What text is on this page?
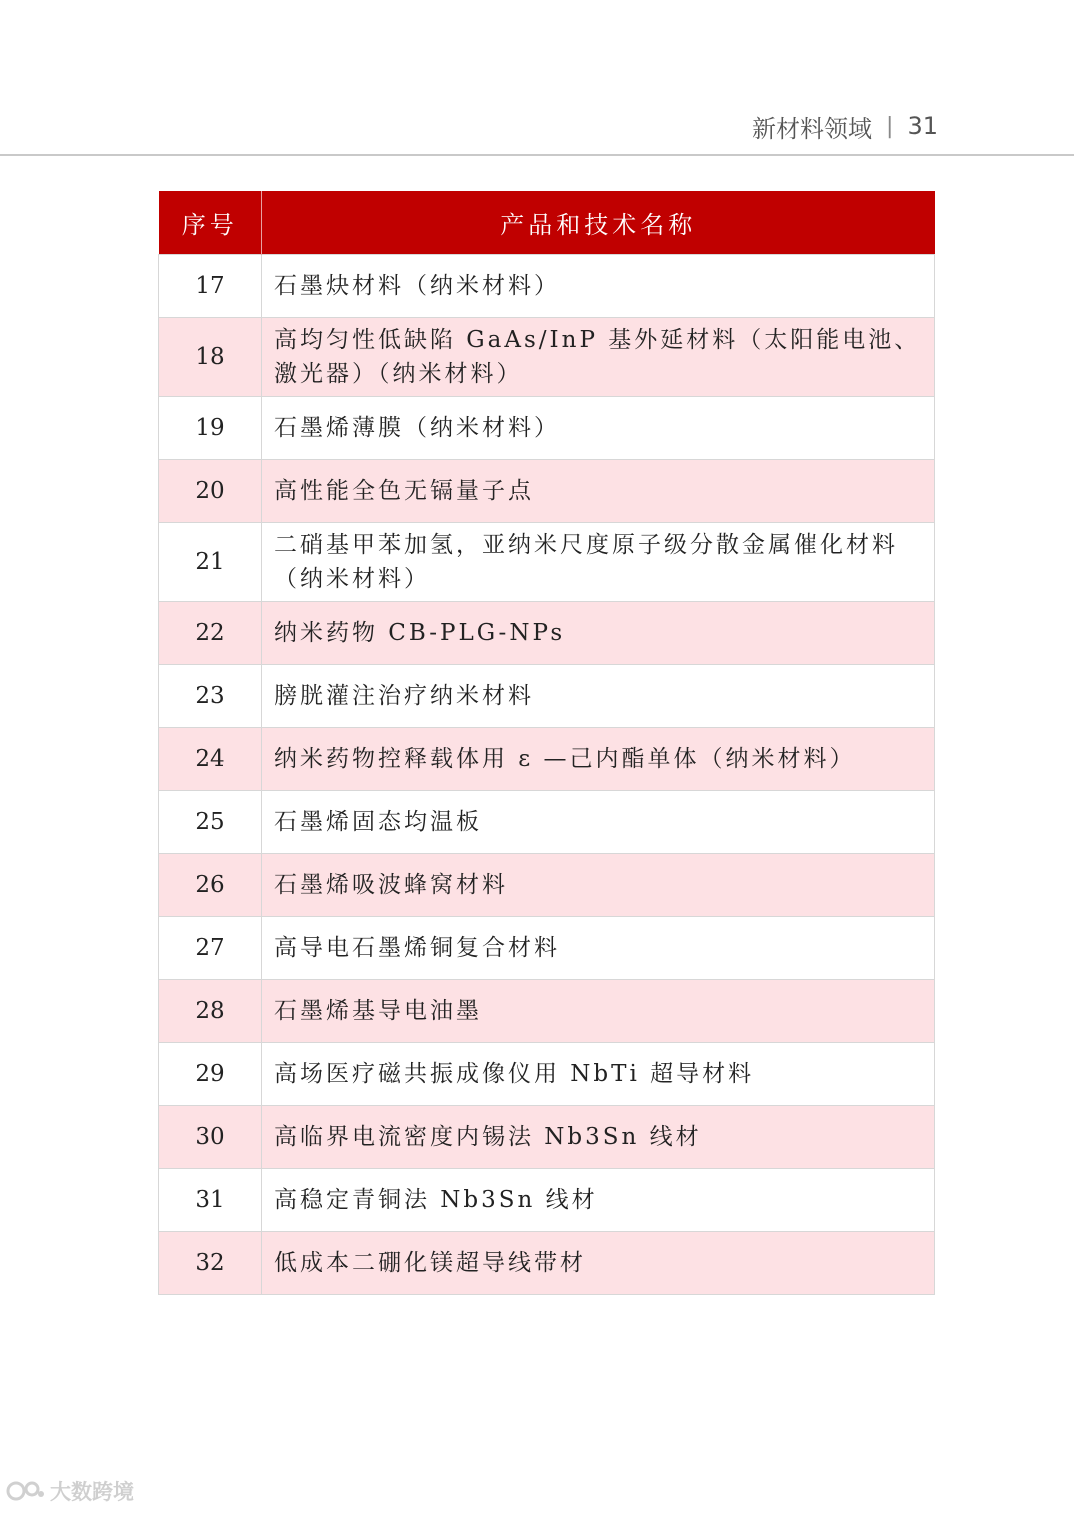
新材料领域 | 31
序号	产品和技术名称
17	石墨炔材料（纳米材料）
18	高均匀性低缺陷 GaAs/InP 基外延材料（太阳能电池、激光器）（纳米材料）
19	石墨烯薄膜（纳米材料）
20	高性能全色无镉量子点
21	二硝基甲苯加氢，亚纳米尺度原子级分散金属催化材料（纳米材料）
22	纳米药物 CB-PLG-NPs
23	膀胱灌注治疗纳米材料
24	纳米药物控释载体用 ε —己内酯单体（纳米材料）
25	石墨烯固态均温板
26	石墨烯吸波蜂窝材料
27	高导电石墨烯铜复合材料
28	石墨烯基导电油墨
29	高场医疗磁共振成像仪用 NbTi 超导材料
30	高临界电流密度内锡法 Nb3Sn 线材
31	高稳定青铜法 Nb3Sn 线材
32	低成本二硼化镁超导线带材
大数跨境
